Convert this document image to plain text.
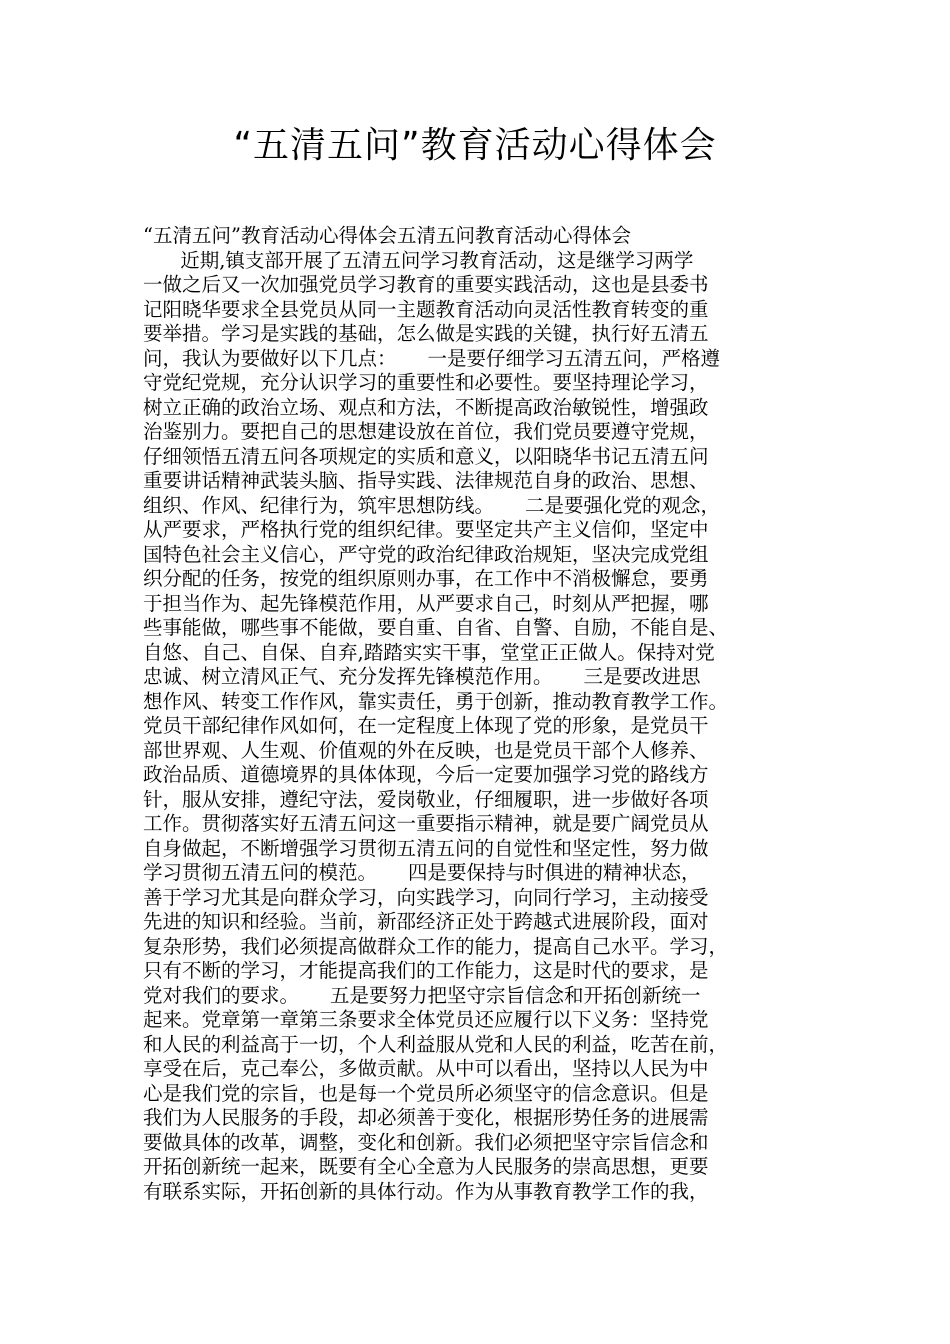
“五清五问”教育活动心得体会
“五清五问”教育活动心得体会五清五问教育活动心得体会
近期,镇支部开展了五清五问学习教育活动，这是继学习两学
一做之后又一次加强党员学习教育的重要实践活动，这也是县委书
记阳晓华要求全县党员从同一主题教育活动向灵活性教育转变的重
要举措。学习是实践的基础，怎么做是实践的关键，执行好五清五
问，我认为要做好以下几点：     一是要仔细学习五清五问，严格遵
守党纪党规，充分认识学习的重要性和必要性。要坚持理论学习，
树立正确的政治立场、观点和方法，不断提高政治敏锐性，增强政
治鉴别力。要把自己的思想建设放在首位，我们党员要遵守党规，
仔细领悟五清五问各项规定的实质和意义，以阳晓华书记五清五问
重要讲话精神武装头脑、指导实践、法律规范自身的政治、思想、
组织、作风、纪律行为，筑牢思想防线。     二是要强化党的观念，
从严要求，严格执行党的组织纪律。要坚定共产主义信仰，坚定中
国特色社会主义信心，严守党的政治纪律政治规矩，坚决完成党组
织分配的任务，按党的组织原则办事，在工作中不消极懈怠，要勇
于担当作为、起先锋模范作用，从严要求自己，时刻从严把握，哪
些事能做，哪些事不能做，要自重、自省、自警、自励，不能自是、
自悠、自己、自保、自弃,踏踏实实干事，堂堂正正做人。保持对党
忠诚、树立清风正气、充分发挥先锋模范作用。     三是要改进思
想作风、转变工作作风，靠实责任，勇于创新，推动教育教学工作。
党员干部纪律作风如何，在一定程度上体现了党的形象，是党员干
部世界观、人生观、价值观的外在反映，也是党员干部个人修养、
政治品质、道德境界的具体体现，今后一定要加强学习党的路线方
针，服从安排，遵纪守法，爱岗敬业，仔细履职，进一步做好各项
工作。贯彻落实好五清五问这一重要指示精神，就是要广阔党员从
自身做起，不断增强学习贯彻五清五问的自觉性和坚定性，努力做
学习贯彻五清五问的模范。     四是要保持与时俱进的精神状态，
善于学习尤其是向群众学习，向实践学习，向同行学习，主动接受
先进的知识和经验。当前，新邵经济正处于跨越式进展阶段，面对
复杂形势，我们必须提高做群众工作的能力，提高自己水平。学习，
只有不断的学习，才能提高我们的工作能力，这是时代的要求，是
党对我们的要求。     五是要努力把坚守宗旨信念和开拓创新统一
起来。党章第一章第三条要求全体党员还应履行以下义务：坚持党
和人民的利益高于一切，个人利益服从党和人民的利益，吃苦在前，
享受在后，克己奉公，多做贡献。从中可以看出，坚持以人民为中
心是我们党的宗旨，也是每一个党员所必须坚守的信念意识。但是
我们为人民服务的手段，却必须善于变化，根据形势任务的进展需
要做具体的改革，调整，变化和创新。我们必须把坚守宗旨信念和
开拓创新统一起来，既要有全心全意为人民服务的崇高思想，更要
有联系实际，开拓创新的具体行动。作为从事教育教学工作的我，
